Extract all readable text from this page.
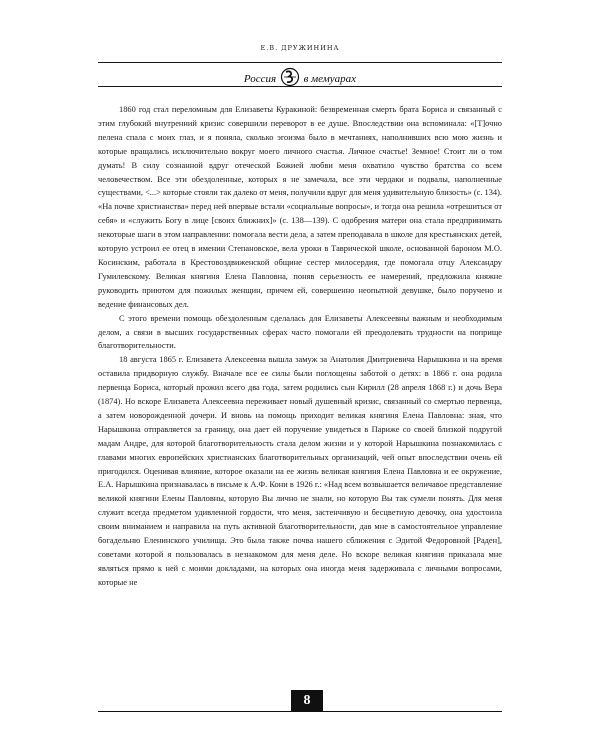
Е.В. ДРУЖИНИНА
Россия	в мемуарах

1860 год стал переломным для Елизаветы Куракиной: безвременная смерть брата Бориса и связанный с этим глубокий внутренний кризис совершили переворот в ее душе. Впоследствии она вспоминала: «[Т]очно пелена спала с моих глаз, и я поняла, сколько эгоизма было в мечтаниях, наполнивших всю мою жизнь и которые вращались исключительно вокруг моего личного счастья. Личное счастье! Земное! Стоит ли о том думать! В силу сознанной вдруг отеческой Божией любви меня охватило чувство братства со всем человечеством. Все эти обездоленные, которых я не замечала, все эти чердаки и подвалы, наполненные существами, <...> которые стояли так далеко от меня, получили вдруг для меня удивительную близость» (с. 134). «На почве христианства» перед ней впервые встали «социальные вопросы», и тогда она решила «отрешиться от себя» и «служить Богу в лице [своих ближних]» (с. 138—139). С одобрения матери она стала предпринимать некоторые шаги в этом направлении: помогала вести дела, а затем преподавала в школе для крестьянских детей, которую устроил ее отец в имении Степановское, вела уроки в Таврической школе, основанной бароном М.О. Косинским, работала в Крестовоздвиженской общине сестер милосердия, где помогала отцу Александру Гумилевскому. Великая княгиня Елена Павловна, поняв серьезность ее намерений, предложила княжне руководить приютом для пожилых женщин, причем ей, совершенно неопытной девушке, было поручено и ведение финансовых дел.

С этого времени помощь обездоленным сделалась для Елизаветы Алексеевны важным и необходимым делом, а связи в высших государственных сферах часто помогали ей преодолевать трудности на поприще благотворительности.

18 августа 1865 г. Елизавета Алексеевна вышла замуж за Анатолия Дмитриевича Нарышкина и на время оставила придворную службу. Вначале все ее силы были поглощены заботой о детях: в 1866 г. она родила первенца Бориса, который прожил всего два года, затем родились сын Кирилл (28 апреля 1868 г.) и дочь Вера (1874). Но вскоре Елизавета Алексеевна переживает новый душевный кризис, связанный со смертью первенца, а затем новорожденной дочери. И вновь на помощь приходит великая княгиня Елена Павловна: зная, что Нарышкина отправляется за границу, она дает ей поручение увидеться в Париже со своей близкой подругой мадам Андре, для которой благотворительность стала делом жизни и у которой Нарышкина познакомилась с главами многих европейских христианских благотворительных организаций, чей опыт впоследствии очень ей пригодился. Оценивая влияние, которое оказали на ее жизнь великая княгиня Елена Павловна и ее окружение, Е.А. Нарышкина признавалась в письме к А.Ф. Кони в 1926 г.: «Над всем возвышается величавое представление великой княгини Елены Павловны, которую Вы лично не знали, но которую Вы так сумели понять. Для меня служит всегда предметом удивленной гордости, что меня, застенчивую и бесцветную девочку, она удостоила своим вниманием и направила на путь активной благотворительности, дав мне в самостоятельное управление богадельню Еленинского училища. Это была также почва нашего сближения с Эдитой Федоровной [Раден], советами которой я пользовалась в незнакомом для меня деле. Но вскоре великая княгиня приказала мне являться прямо к ней с моими докладами, на которых она иногда меня задерживала с личными вопросами, которые не

8
